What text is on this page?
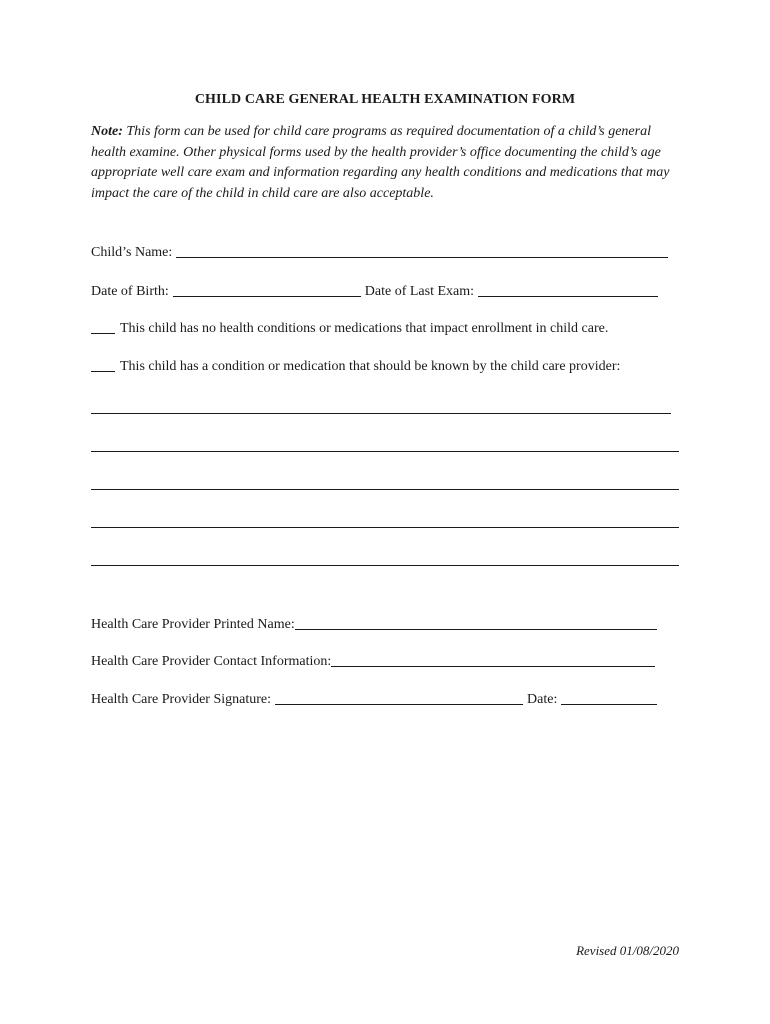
CHILD CARE GENERAL HEALTH EXAMINATION FORM
Note: This form can be used for child care programs as required documentation of a child’s general health examine. Other physical forms used by the health provider’s office documenting the child’s age appropriate well care exam and information regarding any health conditions and medications that may impact the care of the child in child care are also acceptable.
Child’s Name:
Date of Birth:	Date of Last Exam:
This child has no health conditions or medications that impact enrollment in child care.
This child has a condition or medication that should be known by the child care provider:
Health Care Provider Printed Name:
Health Care Provider Contact Information:
Health Care Provider Signature:	Date:
Revised 01/08/2020
